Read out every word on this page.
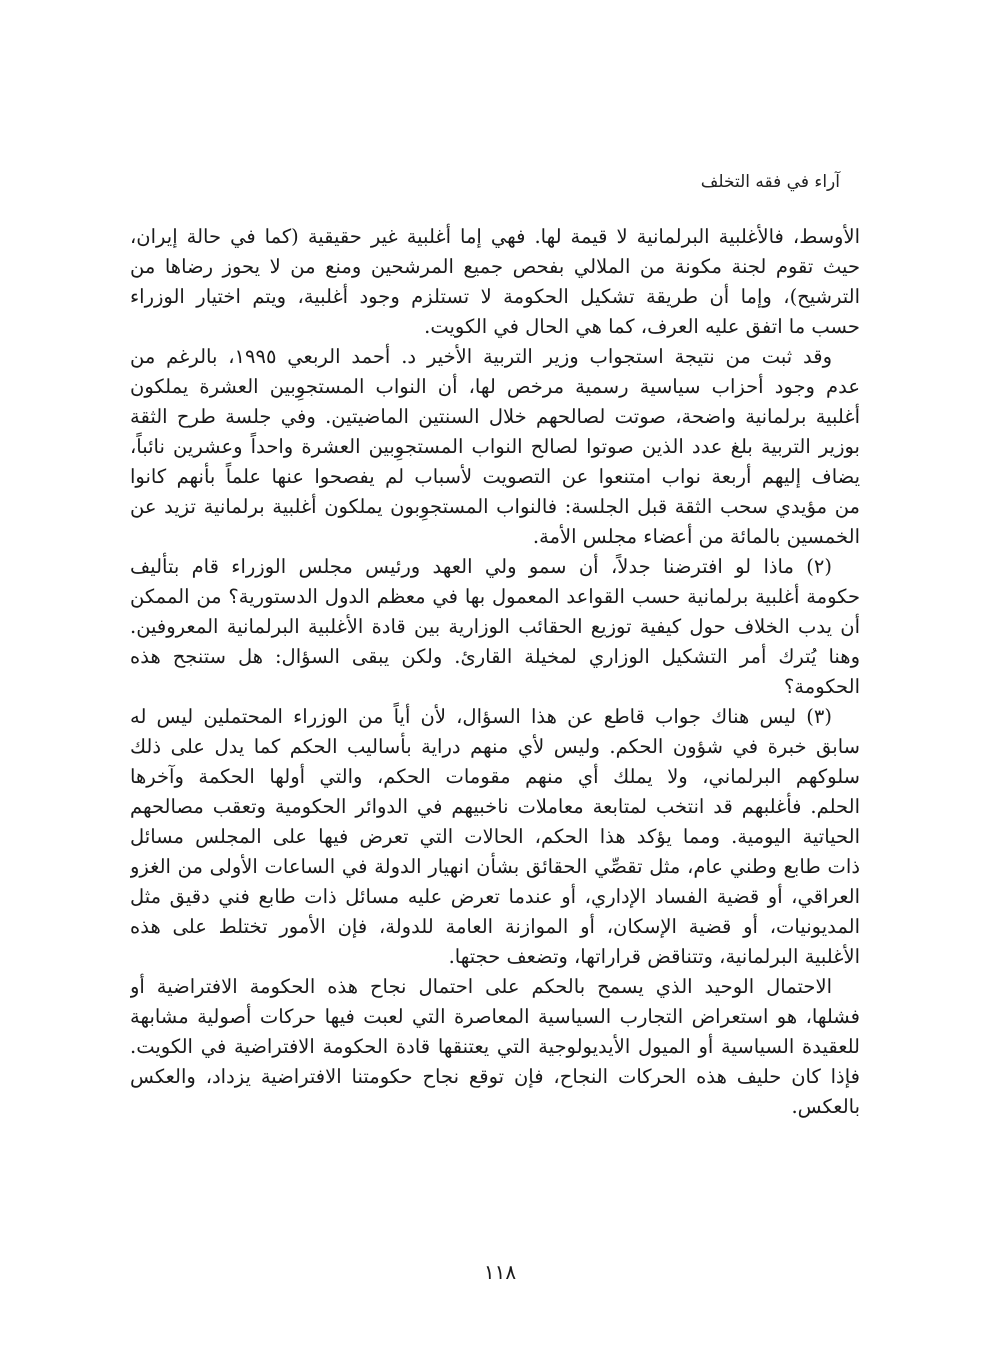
آراء في فقه التخلف
الأوسط، فالأغلبية البرلمانية لا قيمة لها. فهي إما أغلبية غير حقيقية (كما في حالة إيران،
حيث تقوم لجنة مكونة من الملالي بفحص جميع المرشحين ومنع من لا يحوز رضاها من
الترشيح)، وإما أن طريقة تشكيل الحكومة لا تستلزم وجود أغلبية، ويتم اختيار الوزراء
حسب ما اتفق عليه العرف، كما هي الحال في الكويت.
وقد ثبت من نتيجة استجواب وزير التربية الأخير د. أحمد الربعي ١٩٩٥، بالرغم من
عدم وجود أحزاب سياسية رسمية مرخص لها، أن النواب المستجوِبين العشرة يملكون
أغلبية برلمانية واضحة، صوتت لصالحهم خلال السنتين الماضيتين. وفي جلسة طرح الثقة
بوزير التربية بلغ عدد الذين صوتوا لصالح النواب المستجوِبين العشرة واحداً وعشرين نائباً،
يضاف إليهم أربعة نواب امتنعوا عن التصويت لأسباب لم يفصحوا عنها علماً بأنهم كانوا
من مؤيدي سحب الثقة قبل الجلسة: فالنواب المستجوِبون يملكون أغلبية برلمانية تزيد عن
الخمسين بالمائة من أعضاء مجلس الأمة.
(٢) ماذا لو افترضنا جدلاً، أن سمو ولي العهد ورئيس مجلس الوزراء قام بتأليف
حكومة أغلبية برلمانية حسب القواعد المعمول بها في معظم الدول الدستورية؟ من الممكن
أن يدب الخلاف حول كيفية توزيع الحقائب الوزارية بين قادة الأغلبية البرلمانية المعروفين.
وهنا يُترك أمر التشكيل الوزاري لمخيلة القارئ. ولكن يبقى السؤال: هل ستنجح هذه
الحكومة؟
(٣) ليس هناك جواب قاطع عن هذا السؤال، لأن أياً من الوزراء المحتملين ليس له
سابق خبرة في شؤون الحكم. وليس لأي منهم دراية بأساليب الحكم كما يدل على ذلك
سلوكهم البرلماني، ولا يملك أي منهم مقومات الحكم، والتي أولها الحكمة وآخرها
الحلم. فأغلبهم قد انتخب لمتابعة معاملات ناخبيهم في الدوائر الحكومية وتعقب مصالحهم
الحياتية اليومية. ومما يؤكد هذا الحكم، الحالات التي تعرض فيها على المجلس مسائل
ذات طابع وطني عام، مثل تقصِّي الحقائق بشأن انهيار الدولة في الساعات الأولى من الغزو
العراقي، أو قضية الفساد الإداري، أو عندما تعرض عليه مسائل ذات طابع فني دقيق مثل
المديونيات، أو قضية الإسكان، أو الموازنة العامة للدولة، فإن الأمور تختلط على هذه
الأغلبية البرلمانية، وتتناقض قراراتها، وتضعف حجتها.
الاحتمال الوحيد الذي يسمح بالحكم على احتمال نجاح هذه الحكومة الافتراضية أو
فشلها، هو استعراض التجارب السياسية المعاصرة التي لعبت فيها حركات أصولية مشابهة
للعقيدة السياسية أو الميول الأيديولوجية التي يعتنقها قادة الحكومة الافتراضية في الكويت.
فإذا كان حليف هذه الحركات النجاح، فإن توقع نجاح حكومتنا الافتراضية يزداد، والعكس
بالعكس.
١١٨
